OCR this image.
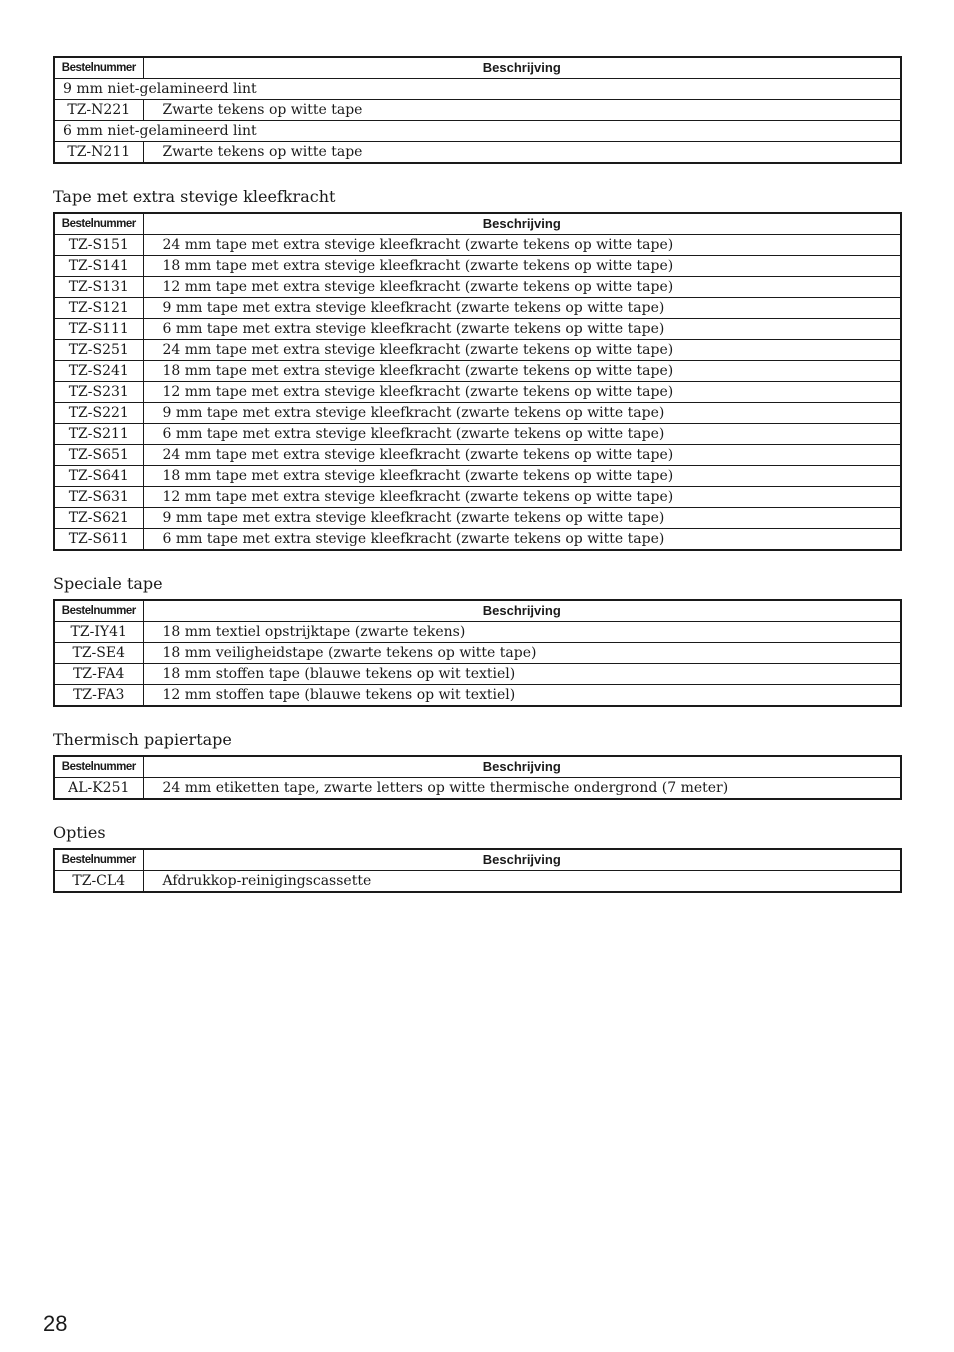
Bestelnummer	Beschrijving
9 mm niet-gelamineerd lint	
TZ-N221	Zwarte tekens op witte tape
6 mm niet-gelamineerd lint	
TZ-N211	Zwarte tekens op witte tape
Tape met extra stevige kleefkracht
Bestelnummer	Beschrijving
TZ-S151	24 mm tape met extra stevige kleefkracht (zwarte tekens op witte tape)
TZ-S141	18 mm tape met extra stevige kleefkracht (zwarte tekens op witte tape)
TZ-S131	12 mm tape met extra stevige kleefkracht (zwarte tekens op witte tape)
TZ-S121	9 mm tape met extra stevige kleefkracht (zwarte tekens op witte tape)
TZ-S111	6 mm tape met extra stevige kleefkracht (zwarte tekens op witte tape)
TZ-S251	24 mm tape met extra stevige kleefkracht (zwarte tekens op witte tape)
TZ-S241	18 mm tape met extra stevige kleefkracht (zwarte tekens op witte tape)
TZ-S231	12 mm tape met extra stevige kleefkracht (zwarte tekens op witte tape)
TZ-S221	9 mm tape met extra stevige kleefkracht (zwarte tekens op witte tape)
TZ-S211	6 mm tape met extra stevige kleefkracht (zwarte tekens op witte tape)
TZ-S651	24 mm tape met extra stevige kleefkracht (zwarte tekens op witte tape)
TZ-S641	18 mm tape met extra stevige kleefkracht (zwarte tekens op witte tape)
TZ-S631	12 mm tape met extra stevige kleefkracht (zwarte tekens op witte tape)
TZ-S621	9 mm tape met extra stevige kleefkracht (zwarte tekens op witte tape)
TZ-S611	6 mm tape met extra stevige kleefkracht (zwarte tekens op witte tape)
Speciale tape
Bestelnummer	Beschrijving
TZ-IY41	18 mm textiel opstrijktape (zwarte tekens)
TZ-SE4	18 mm veiligheidstape (zwarte tekens op witte tape)
TZ-FA4	18 mm stoffen tape (blauwe tekens op wit textiel)
TZ-FA3	12 mm stoffen tape (blauwe tekens op wit textiel)
Thermisch papiertape
Bestelnummer	Beschrijving
AL-K251	24 mm etiketten tape, zwarte letters op witte thermische ondergrond (7 meter)
Opties
Bestelnummer	Beschrijving
TZ-CL4	Afdrukkop-reinigingscassette
28
